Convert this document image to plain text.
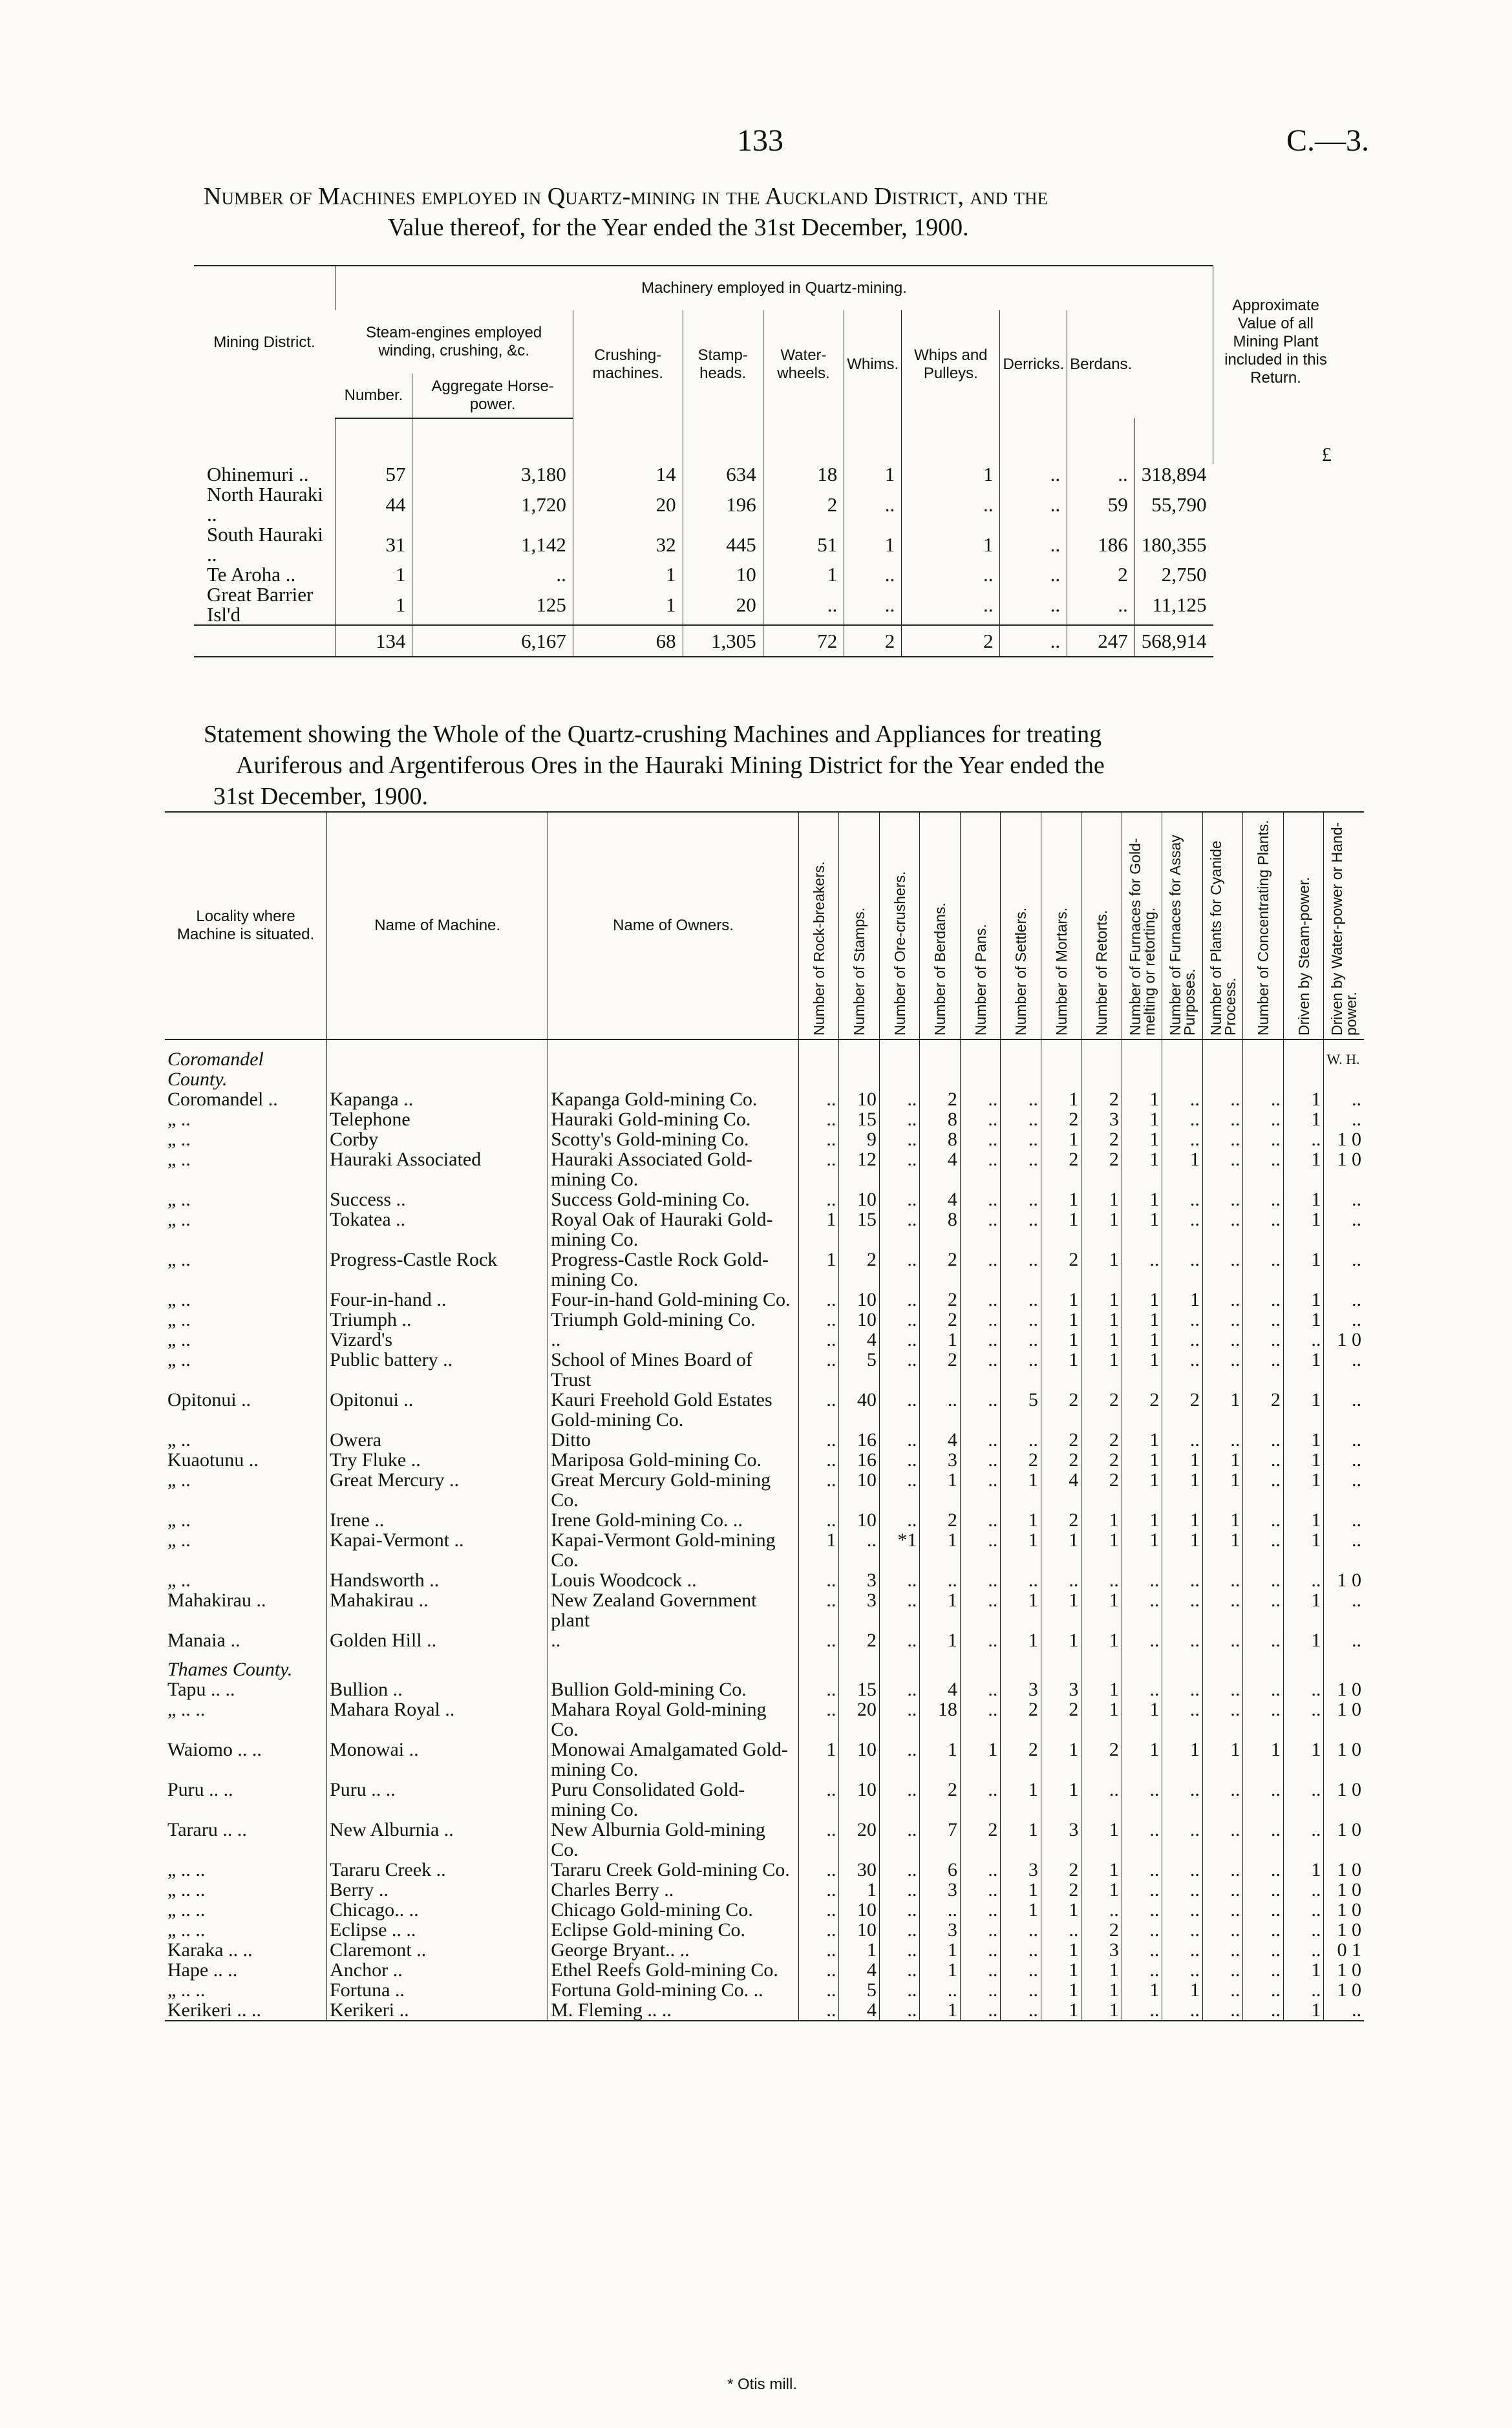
133	C.—3.
Number of Machines employed in Quartz-mining in the Auckland District, and the
Value thereof, for the Year ended the 31st December, 1900.
Mining District.	Machinery employed in Quartz-mining.										Approximate Value of all Mining Plant included in this Return.
	Steam-engines employed winding, crushing, &c.		Crushing-machines.	Stamp-heads.	Water-wheels.	Whims.	Whips and Pulleys.	Derricks.	Berdans.		
	Number.	Aggregate Horse-power.									
											£
Ohinemuri ..	57	3,180	14	634	18	1	1	..	..	318,894	
North Hauraki ..	44	1,720	20	196	2	..	..	..	59	55,790	
South Hauraki ..	31	1,142	32	445	51	1	1	..	186	180,355	
Te Aroha ..	1	..	1	10	1	..	..	..	2	2,750	
Great Barrier Isl'd	1	125	1	20	..	..	..	..	..	11,125	
	134	6,167	68	1,305	72	2	2	..	247	568,914	
Statement showing the Whole of the Quartz-crushing Machines and Appliances for treating
Auriferous and Argentiferous Ores in the Hauraki Mining District for the Year ended the
31st December, 1900.
Locality where Machine is situated.	Name of Machine.	Name of Owners.	Number of Rock-breakers.	Number of Stamps.	Number of Ore-crushers.	Number of Berdans.	Number of Pans.	Number of Settlers.	Number of Mortars.	Number of Retorts.	Number of Furnaces for Gold-melting or retorting.	Number of Furnaces for Assay Purposes.	Number of Plants for Cyanide Process.	Number of Concentrating Plants.	Driven by Steam-power.	Driven by Water-power or Hand-power.

Coromandel County.																W. H.
Coromandel ..	Kapanga ..	Kapanga Gold-mining Co.	..	10	..	2	..	..	1	2	1	..	..	..	1	..
„ ..	Telephone	Hauraki Gold-mining Co.	..	15	..	8	..	..	2	3	1	..	..	..	1	..
„ ..	Corby	Scotty's Gold-mining Co.	..	9	..	8	..	..	1	2	1	..	..	..	..	1 0
„ ..	Hauraki Associated	Hauraki Associated Gold-mining Co.	..	12	..	4	..	..	2	2	1	1	..	..	1	1 0
„ ..	Success ..	Success Gold-mining Co.	..	10	..	4	..	..	1	1	1	..	..	..	1	..
„ ..	Tokatea ..	Royal Oak of Hauraki Gold-mining Co.	1	15	..	8	..	..	1	1	1	..	..	..	1	..
„ ..	Progress-Castle Rock	Progress-Castle Rock Gold-mining Co.	1	2	..	2	..	..	2	1	..	..	..	..	1	..
„ ..	Four-in-hand ..	Four-in-hand Gold-mining Co.	..	10	..	2	..	..	1	1	1	1	..	..	1	..
„ ..	Triumph ..	Triumph Gold-mining Co.	..	10	..	2	..	..	1	1	1	..	..	..	1	..
„ ..	Vizard's	..	..	4	..	1	..	..	1	1	1	..	..	..	..	1 0
„ ..	Public battery ..	School of Mines Board of Trust	..	5	..	2	..	..	1	1	1	..	..	..	1	..
Opitonui ..	Opitonui ..	Kauri Freehold Gold Estates Gold-mining Co.	..	40	..	..	..	5	2	2	2	2	1	2	1	..
„ ..	Owera	Ditto	..	16	..	4	..	..	2	2	1	..	..	..	1	..
Kuaotunu ..	Try Fluke ..	Mariposa Gold-mining Co.	..	16	..	3	..	2	2	2	1	1	1	..	1	..
„ ..	Great Mercury ..	Great Mercury Gold-mining Co.	..	10	..	1	..	1	4	2	1	1	1	..	1	..
„ ..	Irene ..	Irene Gold-mining Co. ..	..	10	..	2	..	1	2	1	1	1	1	..	1	..
„ ..	Kapai-Vermont ..	Kapai-Vermont Gold-mining Co.	1	..	*1	1	..	1	1	1	1	1	1	..	1	..
„ ..	Handsworth ..	Louis Woodcock ..	..	3	..	..	..	..	..	..	..	..	..	..	..	1 0
Mahakirau ..	Mahakirau ..	New Zealand Government plant	..	3	..	1	..	1	1	1	..	..	..	..	1	..
Manaia ..	Golden Hill ..	..	..	2	..	1	..	1	1	1	..	..	..	..	1	..
Thames County.																
Tapu .. ..	Bullion ..	Bullion Gold-mining Co.	..	15	..	4	..	3	3	1	..	..	..	..	..	1 0
„ .. ..	Mahara Royal ..	Mahara Royal Gold-mining Co.	..	20	..	18	..	2	2	1	1	..	..	..	..	1 0
Waiomo .. ..	Monowai ..	Monowai Amalgamated Gold-mining Co.	1	10	..	1	1	2	1	2	1	1	1	1	1	1 0
Puru .. ..	Puru .. ..	Puru Consolidated Gold-mining Co.	..	10	..	2	..	1	1	..	..	..	..	..	..	1 0
Tararu .. ..	New Alburnia ..	New Alburnia Gold-mining Co.	..	20	..	7	2	1	3	1	..	..	..	..	..	1 0
„ .. ..	Tararu Creek ..	Tararu Creek Gold-mining Co.	..	30	..	6	..	3	2	1	..	..	..	..	1	1 0
„ .. ..	Berry ..	Charles Berry ..	..	1	..	3	..	1	2	1	..	..	..	..	..	1 0
„ .. ..	Chicago.. ..	Chicago Gold-mining Co.	..	10	..	..	..	1	1	..	..	..	..	..	..	1 0
„ .. ..	Eclipse .. ..	Eclipse Gold-mining Co.	..	10	..	3	..	..	..	2	..	..	..	..	..	1 0
Karaka .. ..	Claremont ..	George Bryant.. ..	..	1	..	1	..	..	1	3	..	..	..	..	..	0 1
Hape .. ..	Anchor ..	Ethel Reefs Gold-mining Co.	..	4	..	1	..	..	1	1	..	..	..	..	1	1 0
„ .. ..	Fortuna ..	Fortuna Gold-mining Co. ..	..	5	..	..	..	..	1	1	1	1	..	..	..	1 0
Kerikeri .. ..	Kerikeri ..	M. Fleming .. ..	..	4	..	1	..	..	1	1	..	..	..	..	1	..
* Otis mill.
